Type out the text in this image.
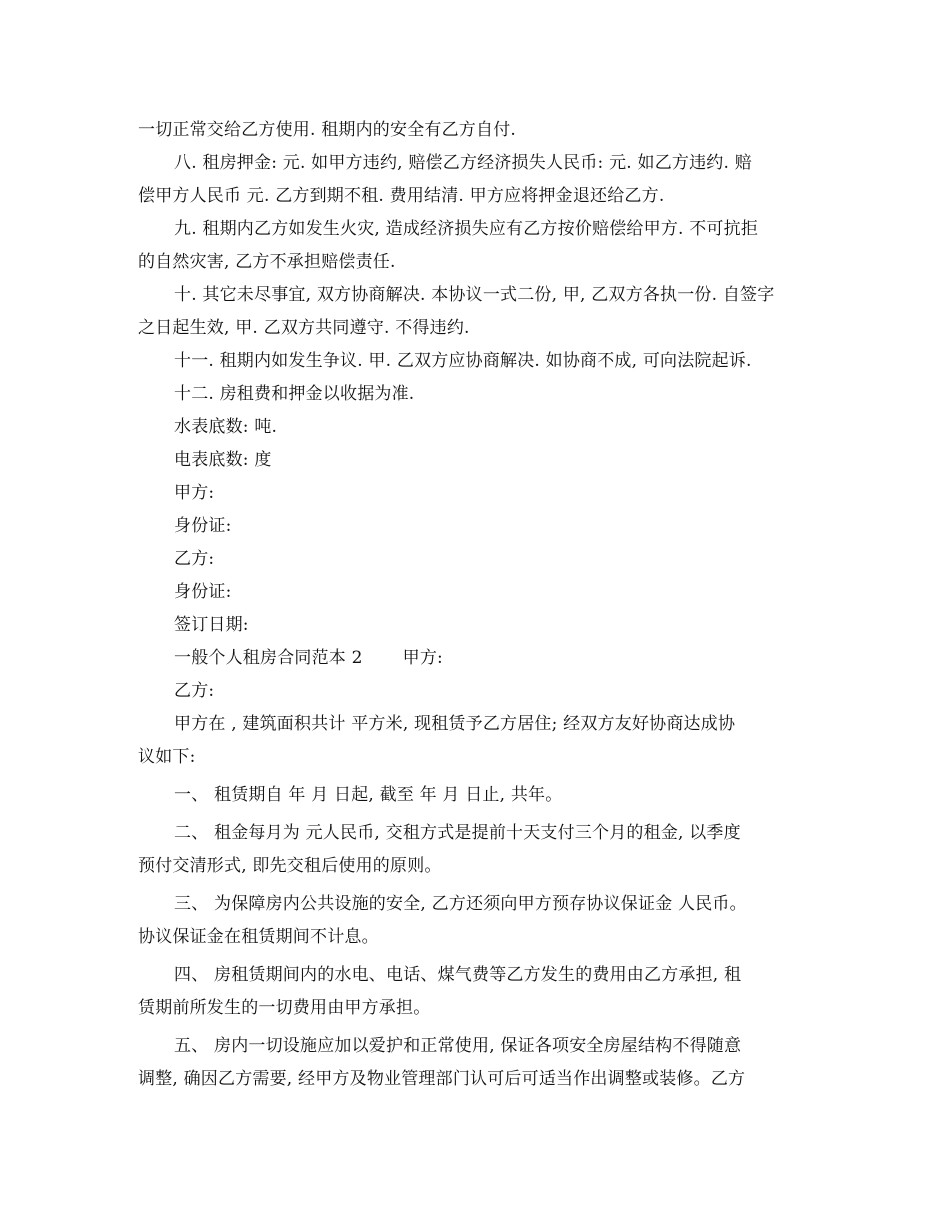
一切正常交给乙方使用. 租期内的安全有乙方自付.
八. 租房押金: 元. 如甲方违约, 赔偿乙方经济损失人民币: 元. 如乙方违约. 赔
偿甲方人民币 元. 乙方到期不租. 费用结清. 甲方应将押金退还给乙方.
九. 租期内乙方如发生火灾, 造成经济损失应有乙方按价赔偿给甲方. 不可抗拒
的自然灾害, 乙方不承担赔偿责任.
十. 其它未尽事宜, 双方协商解决. 本协议一式二份, 甲, 乙双方各执一份. 自签字
之日起生效, 甲. 乙双方共同遵守. 不得违约.
十一. 租期内如发生争议. 甲. 乙双方应协商解决. 如协商不成, 可向法院起诉.
十二. 房租费和押金以收据为准.
水表底数: 吨.
电表底数: 度
甲方:
身份证:
乙方:
身份证:
签订日期:
一般个人租房合同范本 2 甲方:
乙方:
甲方在 , 建筑面积共计 平方米, 现租赁予乙方居住; 经双方友好协商达成协
议如下:
一、 租赁期自 年 月 日起, 截至 年 月 日止, 共年。
二、 租金每月为 元人民币, 交租方式是提前十天支付三个月的租金, 以季度
预付交清形式, 即先交租后使用的原则。
三、 为保障房内公共设施的安全, 乙方还须向甲方预存协议保证金 人民币。
协议保证金在租赁期间不计息。
四、 房租赁期间内的水电、电话、煤气费等乙方发生的费用由乙方承担, 租
赁期前所发生的一切费用由甲方承担。
五、 房内一切设施应加以爱护和正常使用, 保证各项安全房屋结构不得随意
调整, 确因乙方需要, 经甲方及物业管理部门认可后可适当作出调整或装修。乙方
